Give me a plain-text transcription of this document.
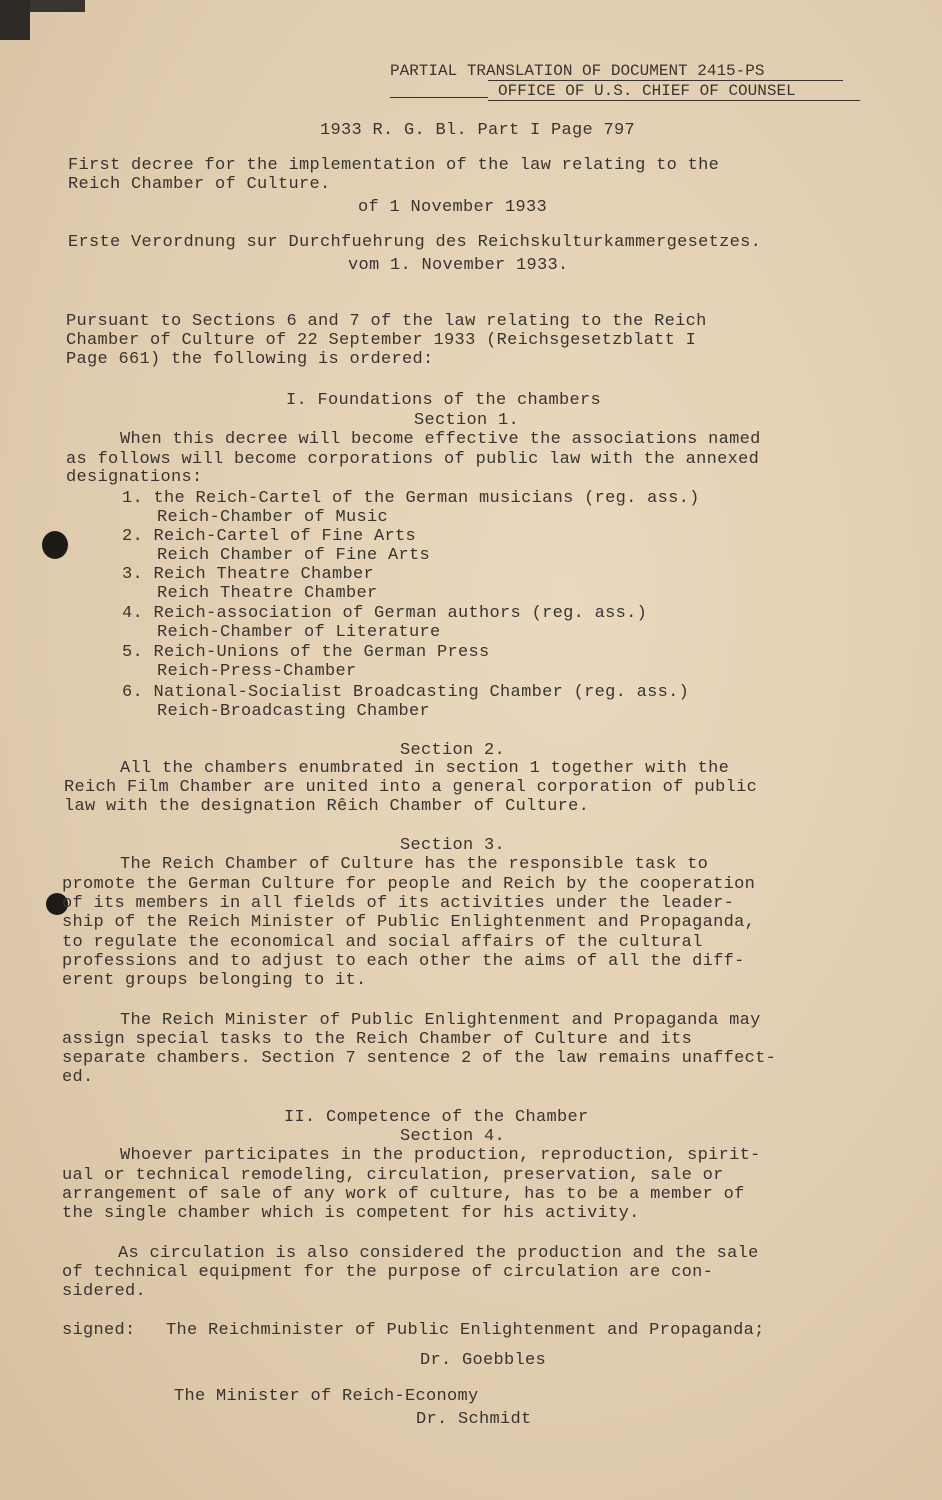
PARTIAL TRANSLATION OF DOCUMENT 2415-PS
OFFICE OF U.S. CHIEF OF COUNSEL
1933 R. G. Bl. Part I Page 797
First decree for the implementation of the law relating to the
Reich Chamber of Culture.
of 1 November 1933
Erste Verordnung sur Durchfuehrung des Reichskulturkammergesetzes.
vom 1. November 1933.
Pursuant to Sections 6 and 7 of the law relating to the Reich
Chamber of Culture of 22 September 1933 (Reichsgesetzblatt I
Page 661) the following is ordered:
I. Foundations of the chambers
Section 1.
When this decree will become effective the associations named
as follows will become corporations of public law with the annexed
designations:
1. the Reich-Cartel of the German musicians (reg. ass.)
Reich-Chamber of Music
2. Reich-Cartel of Fine Arts
Reich Chamber of Fine Arts
3. Reich Theatre Chamber
Reich Theatre Chamber
4. Reich-association of German authors (reg. ass.)
Reich-Chamber of Literature
5. Reich-Unions of the German Press
Reich-Press-Chamber
6. National-Socialist Broadcasting Chamber (reg. ass.)
Reich-Broadcasting Chamber
Section 2.
All the chambers enumbrated in section 1 together with the
Reich Film Chamber are united into a general corporation of public
law with the designation Rêich Chamber of Culture.
Section 3.
The Reich Chamber of Culture has the responsible task to
promote the German Culture for people and Reich by the cooperation
of its members in all fields of its activities under the leader-
ship of the Reich Minister of Public Enlightenment and Propaganda,
to regulate the economical and social affairs of the cultural
professions and to adjust to each other the aims of all the diff-
erent groups belonging to it.
The Reich Minister of Public Enlightenment and Propaganda may
assign special tasks to the Reich Chamber of Culture and its
separate chambers. Section 7 sentence 2 of the law remains unaffect-
ed.
II. Competence of the Chamber
Section 4.
Whoever participates in the production, reproduction, spirit-
ual or technical remodeling, circulation, preservation, sale or
arrangement of sale of any work of culture, has to be a member of
the single chamber which is competent for his activity.
As circulation is also considered the production and the sale
of technical equipment for the purpose of circulation are con-
sidered.
signed: The Reichminister of Public Enlightenment and Propaganda;
Dr. Goebbles
The Minister of Reich-Economy
Dr. Schmidt
